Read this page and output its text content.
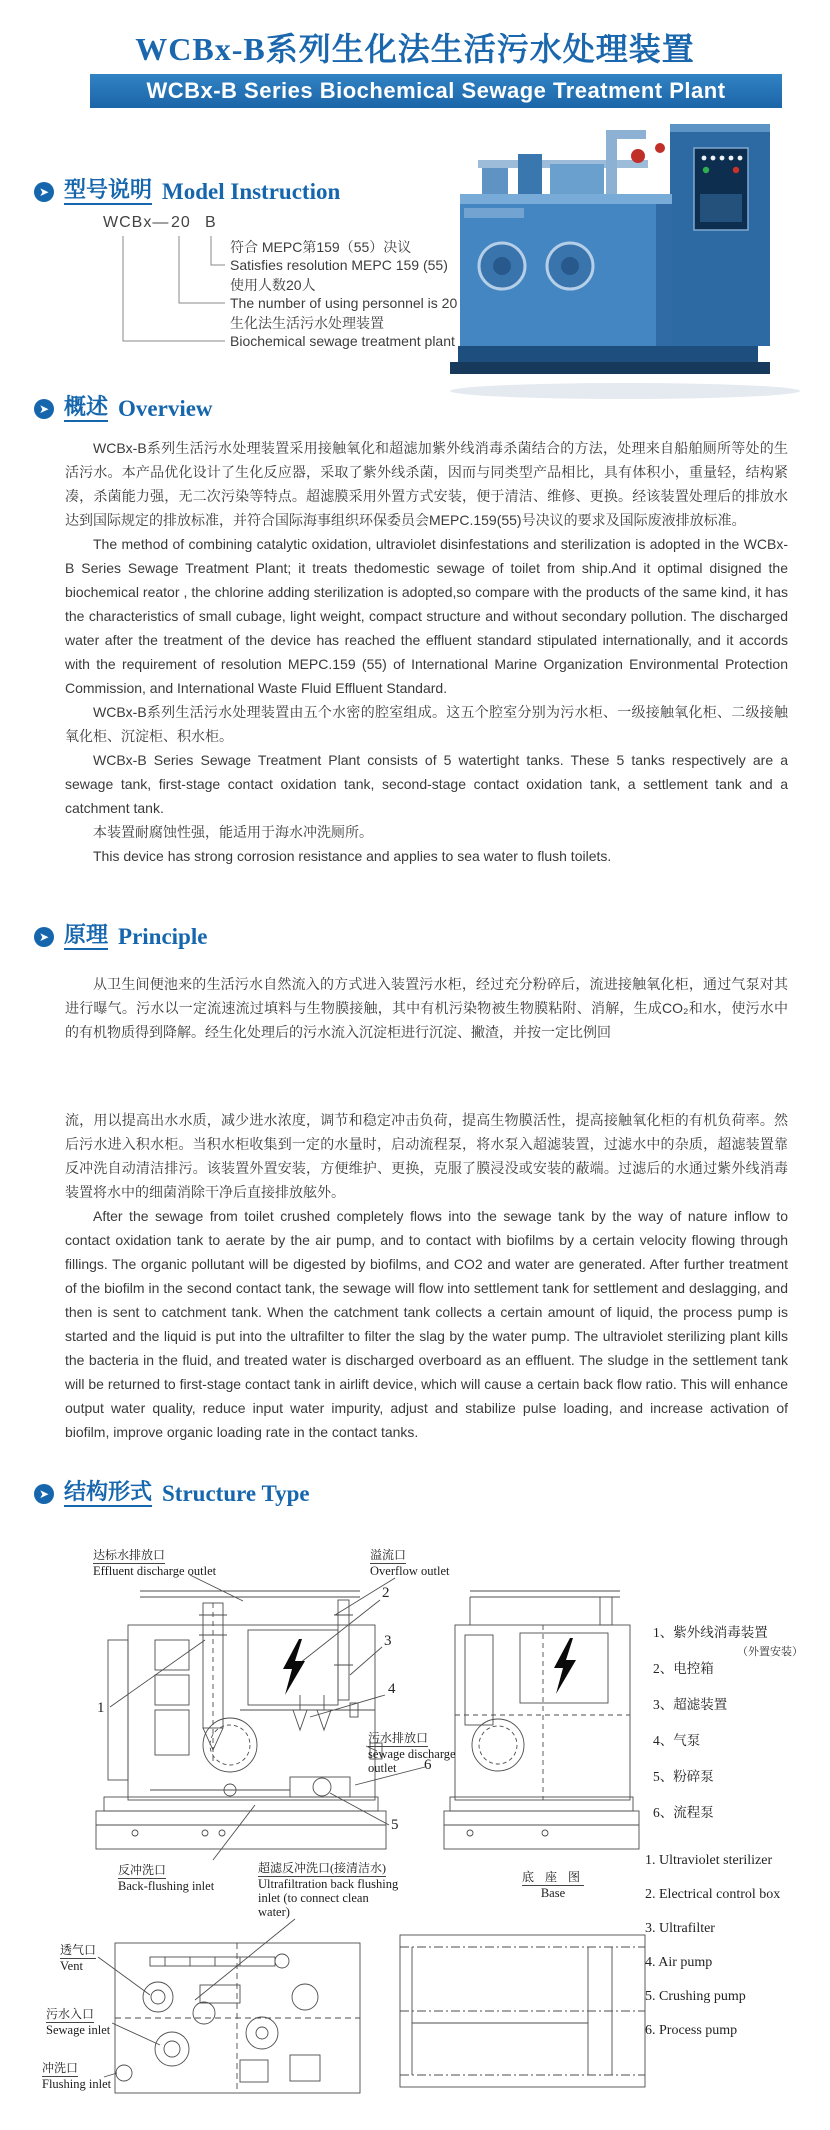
WCBx-B系列生化法生活污水处理装置
WCBx-B Series Biochemical Sewage Treatment Plant
➤ 型号说明 Model Instruction
WCBx— 20 B
符合 MEPC第159（55）决议
Satisfies resolution MEPC 159 (55)
使用人数20人
The number of using personnel is 20
生化法生活污水处理装置
Biochemical sewage treatment plant
➤ 概述 Overview

WCBx-B系列生活污水处理装置采用接触氧化和超滤加紫外线消毒杀菌结合的方法，处理来自船舶厕所等处的生活污水。本产品优化设计了生化反应器，采取了紫外线杀菌，因而与同类型产品相比，具有体积小，重量轻，结构紧凑，杀菌能力强，无二次污染等特点。超滤膜采用外置方式安装，便于清洁、维修、更换。经该装置处理后的排放水达到国际规定的排放标准，并符合国际海事组织环保委员会MEPC.159(55)号决议的要求及国际废液排放标准。

The method of combining catalytic oxidation, ultraviolet disinfestations and sterilization is adopted in the WCBx-B Series Sewage Treatment Plant; it treats thedomestic sewage of toilet from ship.And it optimal disigned the biochemical reator , the chlorine adding sterilization is adopted,so compare with the products of the same kind, it has the characteristics of small cubage, light weight, compact structure and without secondary pollution. The discharged water after the treatment of the device has reached the effluent standard stipulated internationally, and it accords with the requirement of resolution MEPC.159 (55) of International Marine Organization Environmental Protection Commission, and International Waste Fluid Effluent Standard.

WCBx-B系列生活污水处理装置由五个水密的腔室组成。这五个腔室分别为污水柜、一级接触氧化柜、二级接触氧化柜、沉淀柜、积水柜。

WCBx-B Series Sewage Treatment Plant consists of 5 watertight tanks. These 5 tanks respectively are a sewage tank, first-stage contact oxidation tank, second-stage contact oxidation tank, a settlement tank and a catchment tank.

本装置耐腐蚀性强，能适用于海水冲洗厕所。

This device has strong corrosion resistance and applies to sea water to flush toilets.

➤ 原理 Principle

从卫生间便池来的生活污水自然流入的方式进入装置污水柜，经过充分粉碎后，流进接触氧化柜，通过气泵对其进行曝气。污水以一定流速流过填料与生物膜接触，其中有机污染物被生物膜粘附、消解，生成CO₂和水，使污水中的有机物质得到降解。经生化处理后的污水流入沉淀柜进行沉淀、撇渣，并按一定比例回

流，用以提高出水水质，减少进水浓度，调节和稳定冲击负荷，提高生物膜活性，提高接触氧化柜的有机负荷率。然后污水进入积水柜。当积水柜收集到一定的水量时，启动流程泵，将水泵入超滤装置，过滤水中的杂质，超滤装置靠反冲洗自动清洁排污。该装置外置安装，方便维护、更换，克服了膜浸没或安装的蔽端。过滤后的水通过紫外线消毒装置将水中的细菌消除干净后直接排放舷外。

After the sewage from toilet crushed completely flows into the sewage tank by the way of nature inflow to contact oxidation tank to aerate by the air pump, and to contact with biofilms by a certain velocity flowing through fillings. The organic pollutant will be digested by biofilms, and CO2 and water are generated. After further treatment of the biofilm in the second contact tank, the sewage will flow into settlement tank for settlement and deslagging, and then is sent to catchment tank. When the catchment tank collects a certain amount of liquid, the process pump is started and the liquid is put into the ultrafilter to filter the slag by the water pump. The ultraviolet sterilizing plant kills the bacteria in the fluid, and treated water is discharged overboard as an effluent. The sludge in the settlement tank will be returned to first-stage contact tank in airlift device, which will cause a certain back flow ratio. This will enhance output water quality, reduce input water impurity, adjust and stabilize pulse loading, and increase activation of biofilm, improve organic loading rate in the contact tanks.

➤ 结构形式 Structure Type
达标水排放口
Effluent discharge outlet
溢流口
Overflow outlet
污水排放口
sewage discharge outlet
反冲洗口
Back-flushing inlet
超滤反冲洗口(接清洁水)
Ultrafiltration back flushing inlet (to connect clean water)
底 座 图
Base
透气口
Vent
污水入口
Sewage inlet
冲洗口
Flushing inlet
1
2
3
4
5
6
1、紫外线消毒装置
2、电控箱
3、超滤装置
4、气泵
5、粉碎泵
6、流程泵
（外置安装）
1. Ultraviolet sterilizer
2. Electrical control box
3. Ultrafilter
4. Air pump
5. Crushing pump
6. Process pump
